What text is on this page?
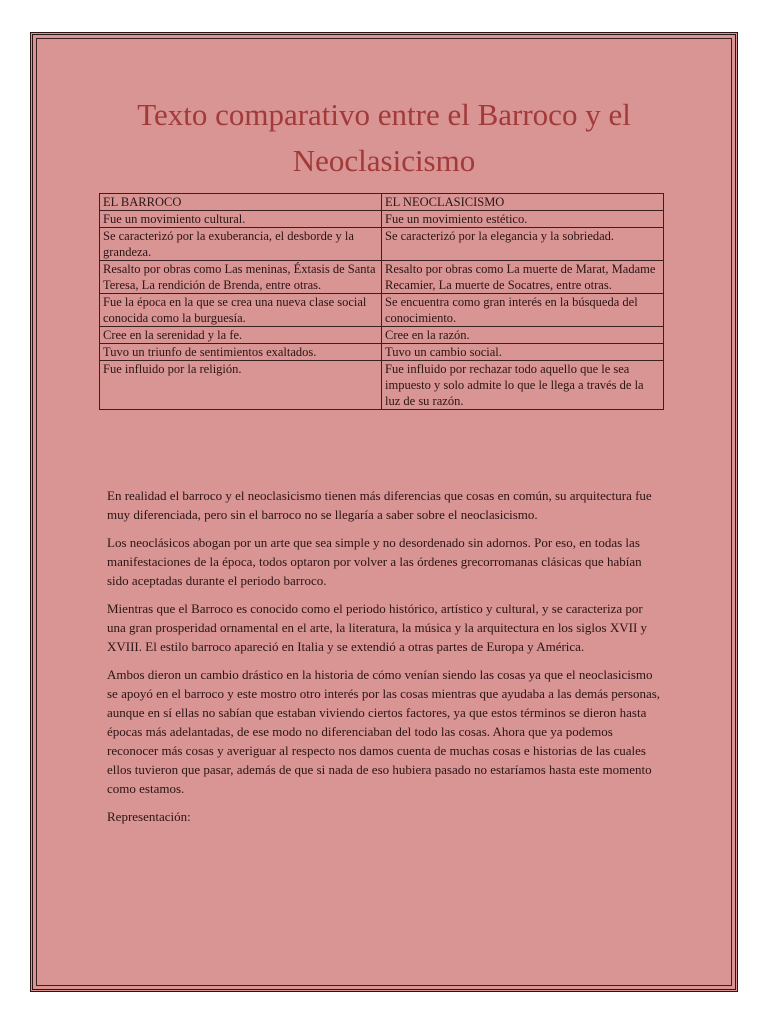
Texto comparativo entre el Barroco y el
Neoclasicismo
EL BARROCO	EL NEOCLASICISMO
Fue un movimiento cultural.	Fue un movimiento estético.
Se caracterizó por la exuberancia, el desborde y la grandeza.	Se caracterizó por la elegancia y la sobriedad.
Resalto por obras como Las meninas, Éxtasis de Santa Teresa, La rendición de Brenda, entre otras.	Resalto por obras como La muerte de Marat, Madame Recamier, La muerte de Socatres, entre otras.
Fue la época en la que se crea una nueva clase social conocida como la burguesía.	Se encuentra como gran interés en la búsqueda del conocimiento.
Cree en la serenidad y la fe.	Cree en la razón.
Tuvo un triunfo de sentimientos exaltados.	Tuvo un cambio social.
Fue influido por la religión.	Fue influido por rechazar todo aquello que le sea impuesto y solo admite lo que le llega a través de la luz de su razón.

En realidad el barroco y el neoclasicismo tienen más diferencias que cosas en común, su arquitectura fue muy diferenciada, pero sin el barroco no se llegaría a saber sobre el neoclasicismo.

Los neoclásicos abogan por un arte que sea simple y no desordenado sin adornos. Por eso, en todas las manifestaciones de la época, todos optaron por volver a las órdenes grecorromanas clásicas que habían sido aceptadas durante el periodo barroco.

Mientras que el Barroco es conocido como el periodo histórico, artístico y cultural, y se caracteriza por una gran prosperidad ornamental en el arte, la literatura, la música y la arquitectura en los siglos XVII y XVIII. El estilo barroco apareció en Italia y se extendió a otras partes de Europa y América.

Ambos dieron un cambio drástico en la historia de cómo venían siendo las cosas ya que el neoclasicismo se apoyó en el barroco y este mostro otro interés por las cosas mientras que ayudaba a las demás personas, aunque en sí ellas no sabían que estaban viviendo ciertos factores, ya que estos términos se dieron hasta épocas más adelantadas, de ese modo no diferenciaban del todo las cosas. Ahora que ya podemos reconocer más cosas y averiguar al respecto nos damos cuenta de muchas cosas e historias de las cuales ellos tuvieron que pasar, además de que si nada de eso hubiera pasado no estaríamos hasta este momento como estamos.

Representación:
